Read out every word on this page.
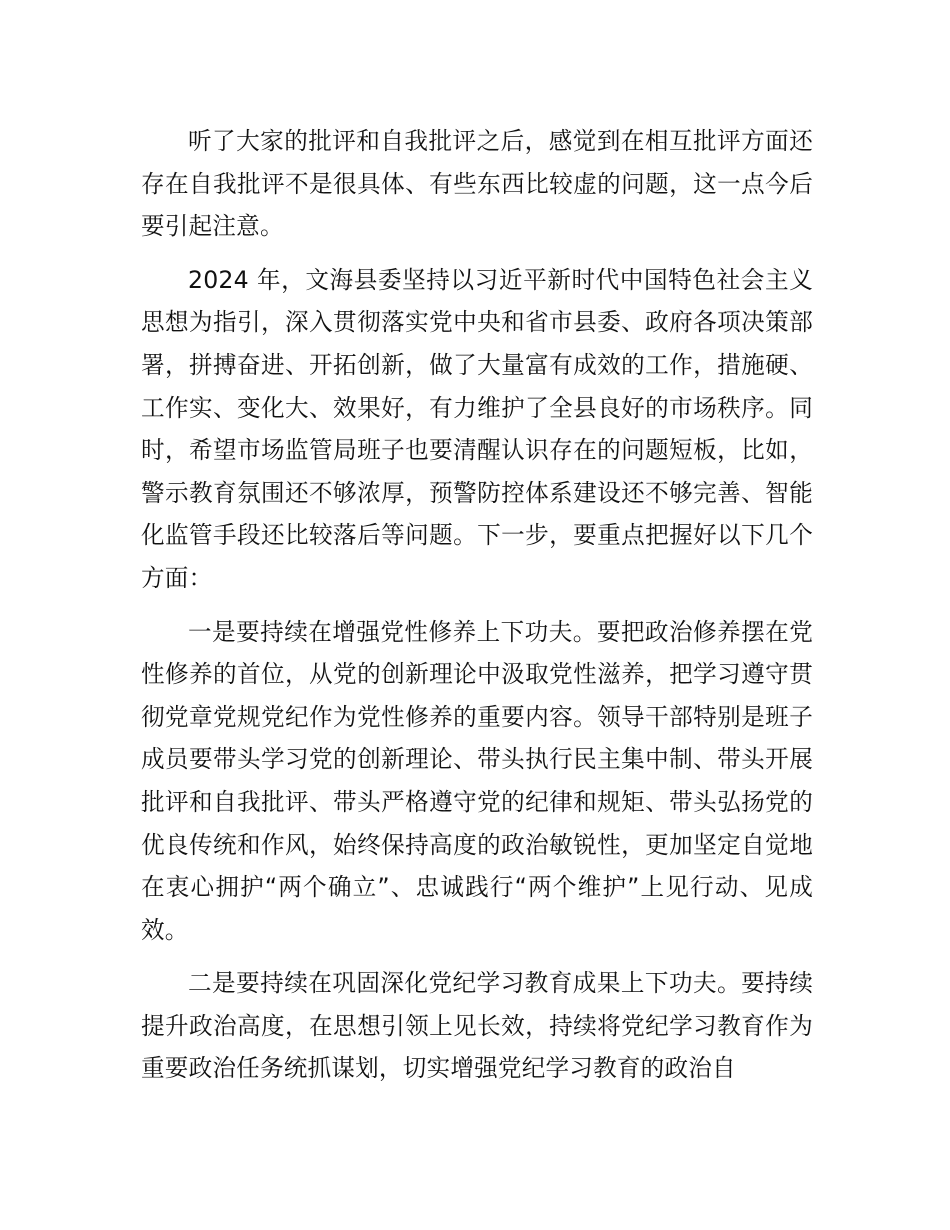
听了大家的批评和自我批评之后，感觉到在相互批评方面还存在自我批评不是很具体、有些东西比较虚的问题，这一点今后要引起注意。

2024 年，文海县委坚持以习近平新时代中国特色社会主义思想为指引，深入贯彻落实党中央和省市县委、政府各项决策部署，拼搏奋进、开拓创新，做了大量富有成效的工作，措施硬、工作实、变化大、效果好，有力维护了全县良好的市场秩序。同时，希望市场监管局班子也要清醒认识存在的问题短板，比如，警示教育氛围还不够浓厚，预警防控体系建设还不够完善、智能化监管手段还比较落后等问题。下一步，要重点把握好以下几个方面：

一是要持续在增强党性修养上下功夫。要把政治修养摆在党性修养的首位，从党的创新理论中汲取党性滋养，把学习遵守贯彻党章党规党纪作为党性修养的重要内容。领导干部特别是班子成员要带头学习党的创新理论、带头执行民主集中制、带头开展批评和自我批评、带头严格遵守党的纪律和规矩、带头弘扬党的优良传统和作风，始终保持高度的政治敏锐性，更加坚定自觉地在衷心拥护“两个确立”、忠诚践行“两个维护”上见行动、见成效。

二是要持续在巩固深化党纪学习教育成果上下功夫。要持续提升政治高度，在思想引领上见长效，持续将党纪学习教育作为重要政治任务统抓谋划，切实增强党纪学习教育的政治自
